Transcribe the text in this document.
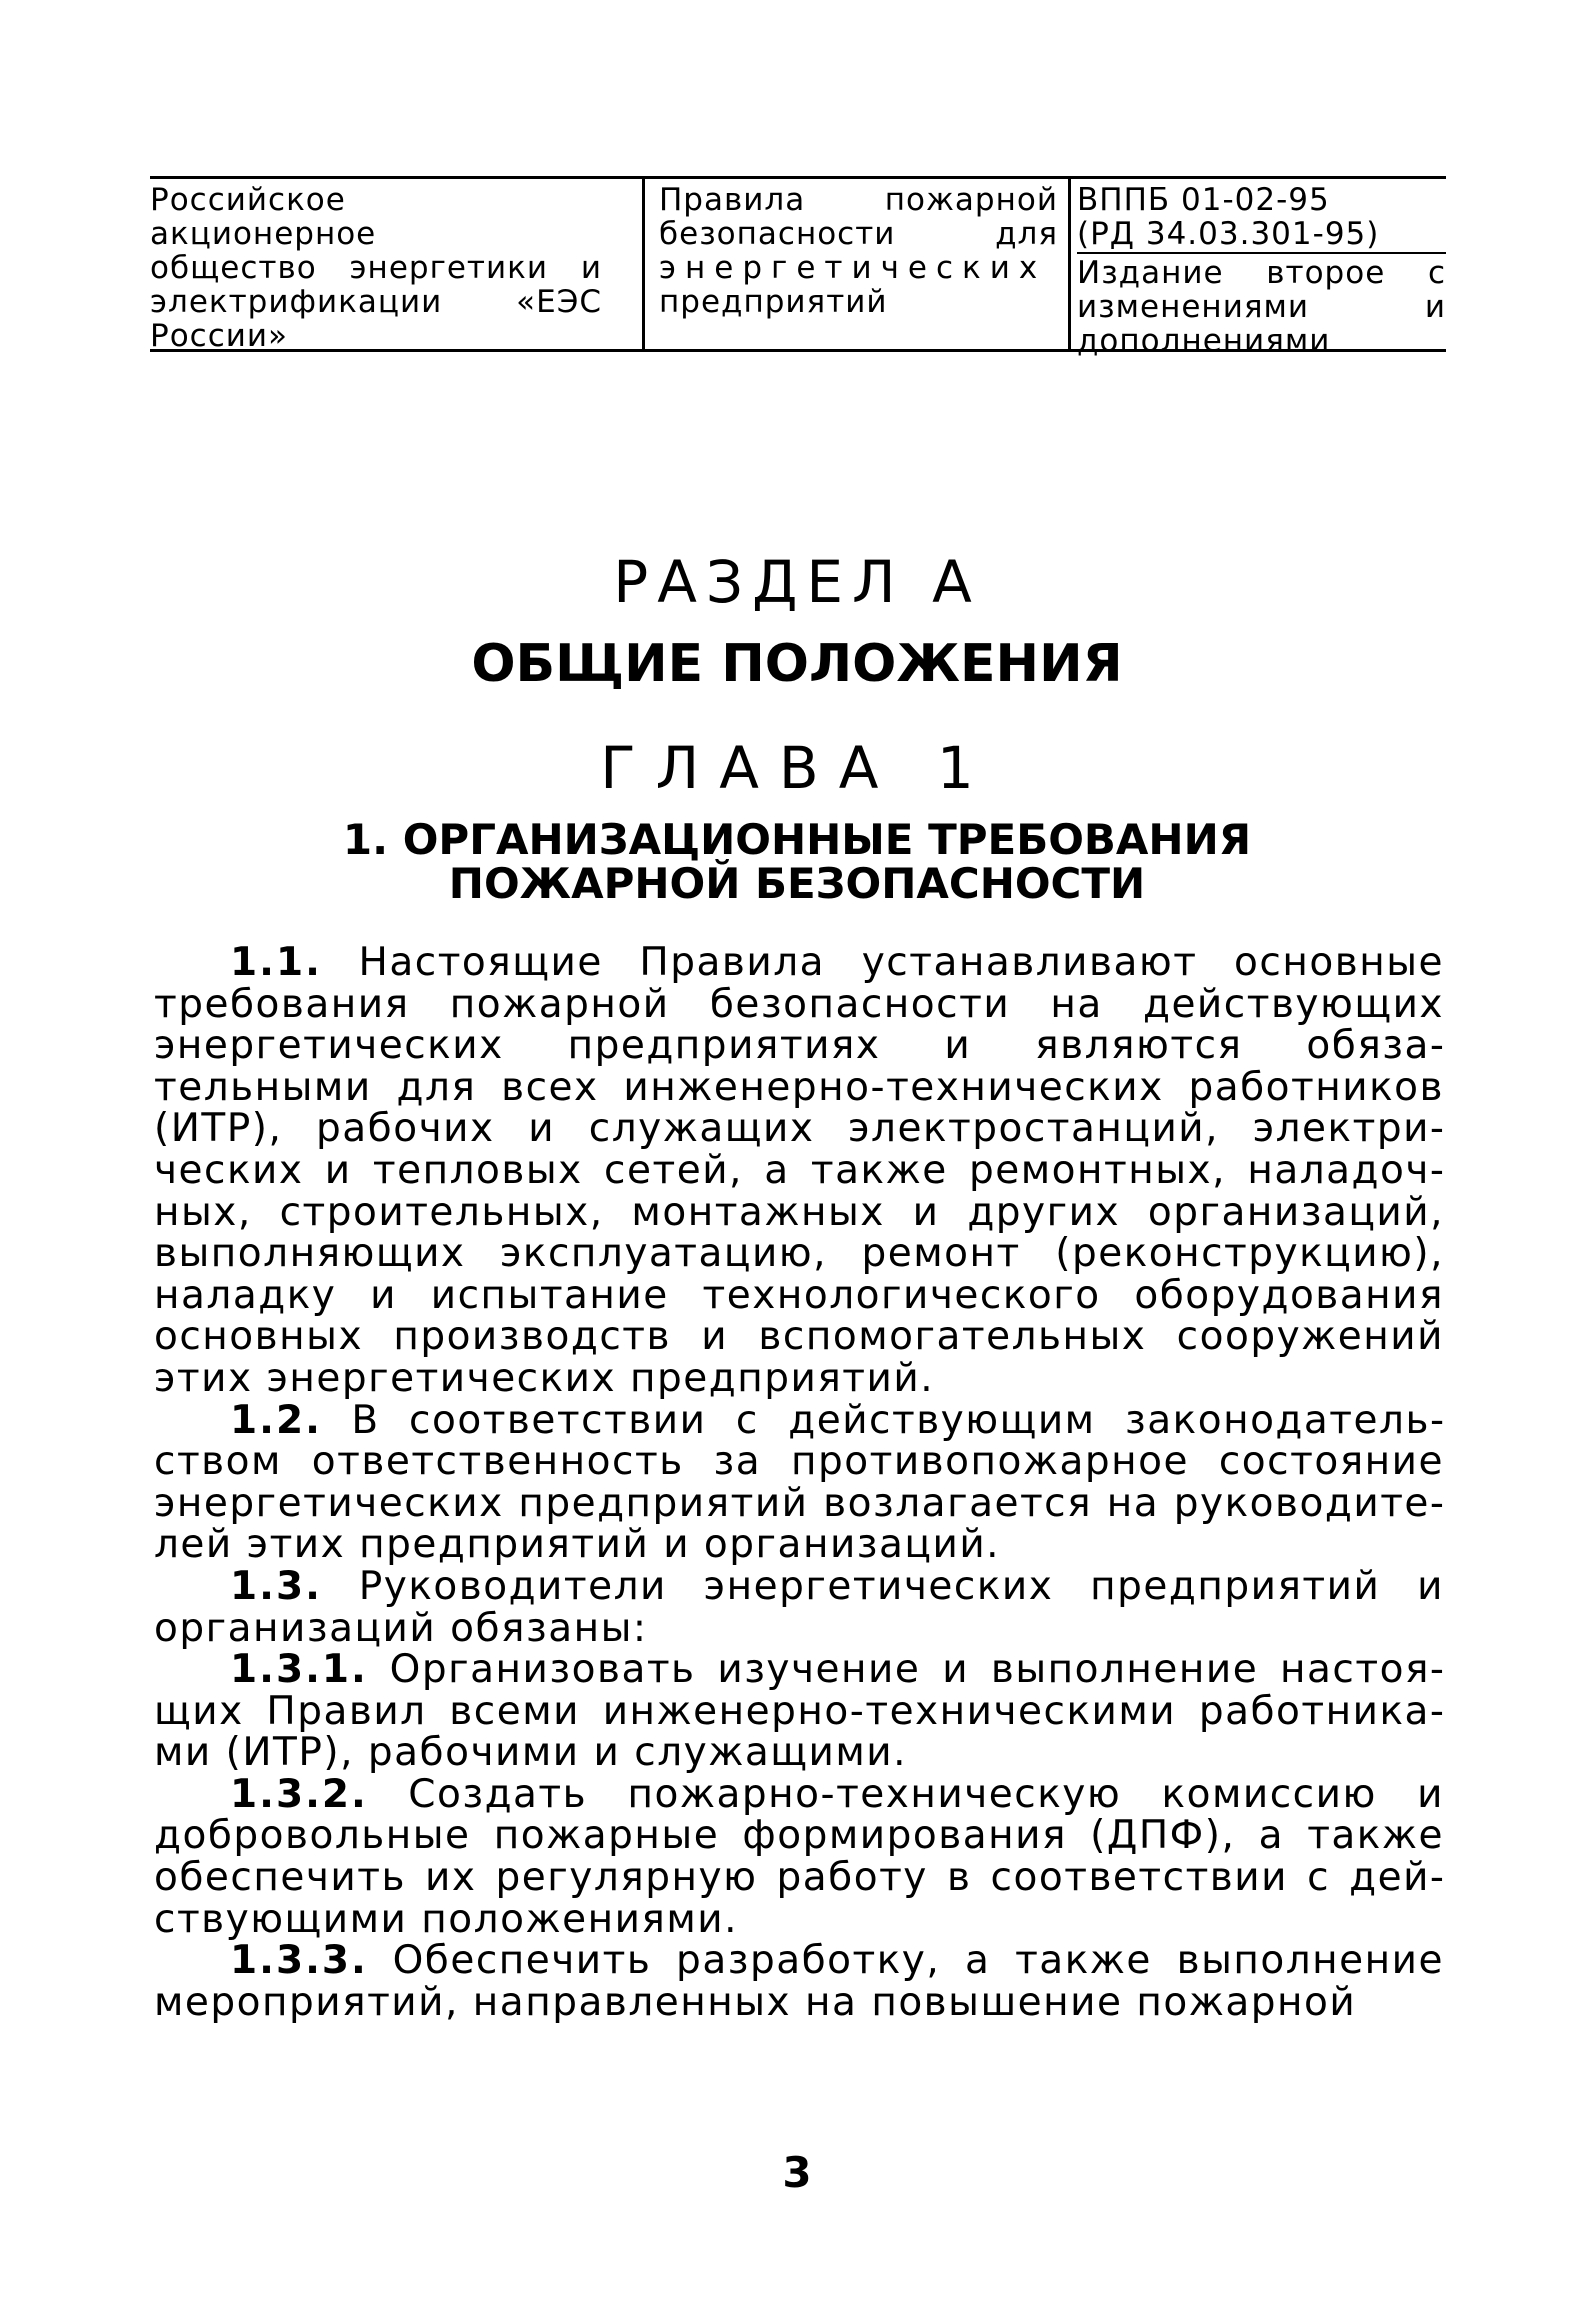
Российское
акционерное
общество энергетики и
электрификации «ЕЭС
России»
Правила пожарной
безопасности для
энергетических
предприятий
ВППБ 01-02-95
(РД 34.03.301-95)
Издание второе с
изменениями и
дополнениями
РАЗДЕЛ А
ОБЩИЕ ПОЛОЖЕНИЯ
ГЛАВА 1
1. ОРГАНИЗАЦИОННЫЕ ТРЕБОВАНИЯ
ПОЖАРНОЙ БЕЗОПАСНОСТИ

1.1. Настоящие Правила устанавливают основные требования пожарной безопасности на действующих энергетических предприятиях и являются обязательными для всех инженерно-технических работников (ИТР), рабочих и служащих электростанций, электрических и тепловых сетей, а также ремонтных, наладочных, строительных, монтажных и других организаций, выполняющих эксплуатацию, ремонт (реконструкцию), наладку и испытание технологического оборудования основных производств и вспомогательных сооружений этих энергетических предприятий.

1.2. В соответствии с действующим законодательством ответственность за противопожарное состояние энергетических предприятий возлагается на руководителей этих предприятий и организаций.

1.3. Руководители энергетических предприятий и организаций обязаны:

1.3.1. Организовать изучение и выполнение настоящих Правил всеми инженерно-техническими работниками (ИТР), рабочими и служащими.

1.3.2. Создать пожарно-техническую комиссию и добровольные пожарные формирования (ДПФ), а также обеспечить их регулярную работу в соответствии с действующими положениями.

1.3.3. Обеспечить разработку, а также выполнение мероприятий, направленных на повышение пожарной

3
